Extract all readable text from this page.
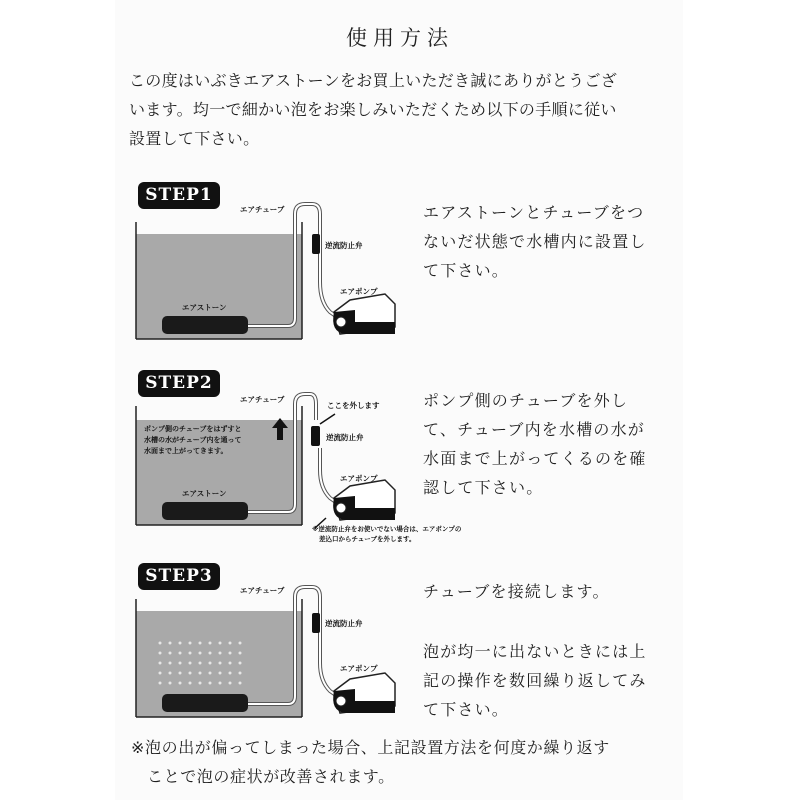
使用方法
この度はいぶきエアストーンをお買上いただき誠にありがとうござ
います。均一で細かい泡をお楽しみいただくため以下の手順に従い
設置して下さい。
STEP1
エアチューブ
逆流防止弁
エアポンプ
エアストーン
エアストーンとチューブをつ
ないだ状態で水槽内に設置し
て下さい。
STEP2
エアチューブ
ここを外します
逆流防止弁
エアポンプ
エアストーン
ポンプ側のチューブをはずすと
水槽の水がチューブ内を通って
水面まで上がってきます。
※逆流防止弁をお使いでない場合は、エアポンプの
差込口からチューブを外します。
ポンプ側のチューブを外し
て、チューブ内を水槽の水が
水面まで上がってくるのを確
認して下さい。
STEP3
エアチューブ
逆流防止弁
エアポンプ
チューブを接続します。
泡が均一に出ないときには上
記の操作を数回繰り返してみ
て下さい。
※泡の出が偏ってしまった場合、上記設置方法を何度か繰り返す
ことで泡の症状が改善されます。
